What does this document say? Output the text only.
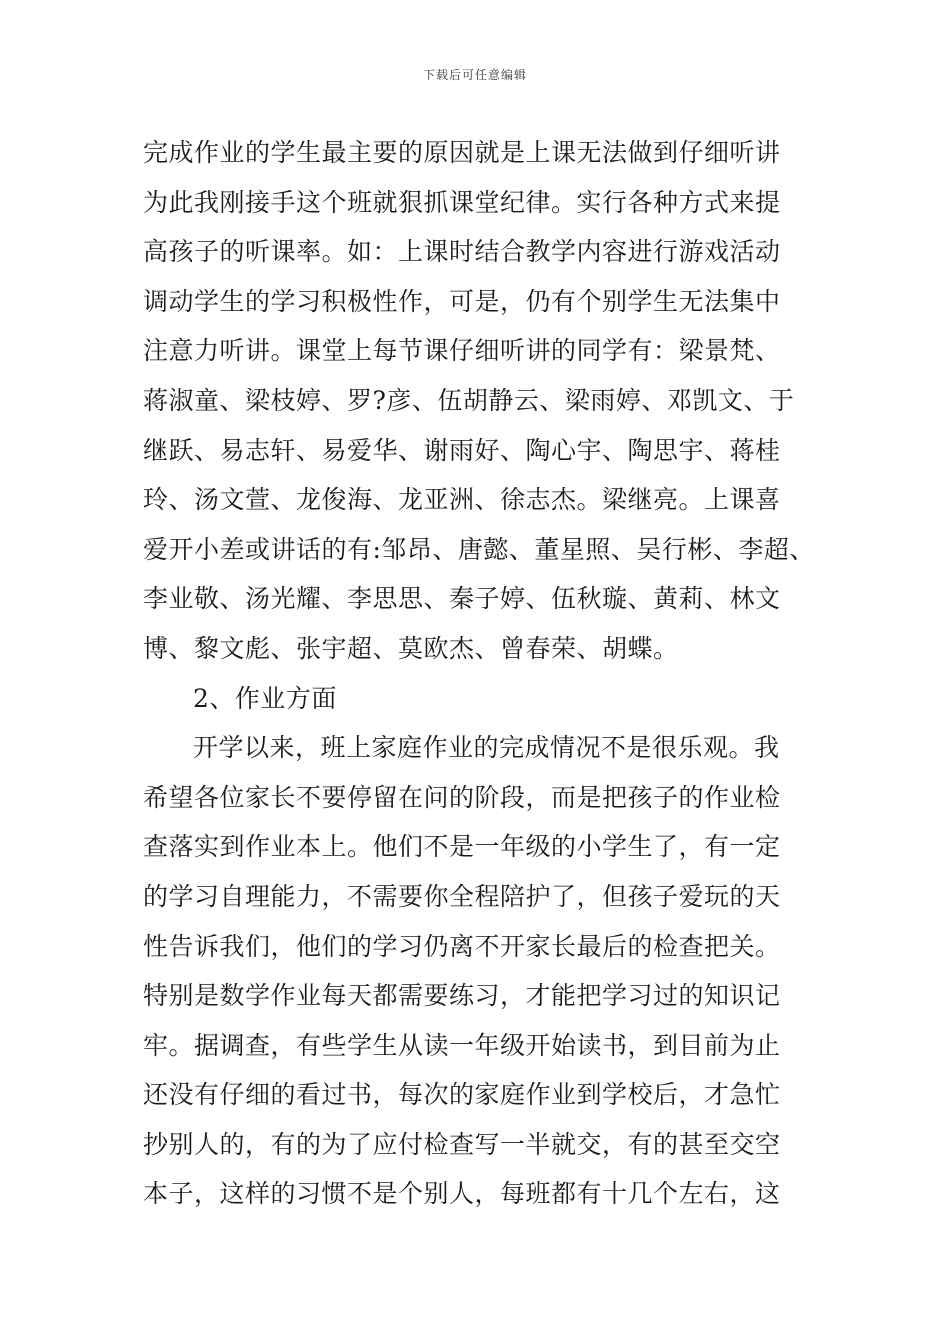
下载后可任意编辑
完成作业的学生最主要的原因就是上课无法做到仔细听讲
为此我刚接手这个班就狠抓课堂纪律。实行各种方式来提
高孩子的听课率。如：上课时结合教学内容进行游戏活动
调动学生的学习积极性作，可是，仍有个别学生无法集中
注意力听讲。课堂上每节课仔细听讲的同学有：梁景梵、
蒋淑童、梁枝婷、罗?彦、伍胡静云、梁雨婷、邓凯文、于
继跃、易志轩、易爱华、谢雨好、陶心宇、陶思宇、蒋桂
玲、汤文萱、龙俊海、龙亚洲、徐志杰。梁继亮。上课喜
爱开小差或讲话的有:邹昂、唐懿、董星照、吴行彬、李超、
李业敬、汤光耀、李思思、秦子婷、伍秋璇、黄莉、林文
博、黎文彪、张宇超、莫欧杰、曾春荣、胡蝶。
2、作业方面
开学以来，班上家庭作业的完成情况不是很乐观。我
希望各位家长不要停留在问的阶段，而是把孩子的作业检
查落实到作业本上。他们不是一年级的小学生了，有一定
的学习自理能力，不需要你全程陪护了，但孩子爱玩的天
性告诉我们，他们的学习仍离不开家长最后的检查把关。
特别是数学作业每天都需要练习，才能把学习过的知识记
牢。据调查，有些学生从读一年级开始读书，到目前为止
还没有仔细的看过书，每次的家庭作业到学校后，才急忙
抄别人的，有的为了应付检查写一半就交，有的甚至交空
本子，这样的习惯不是个别人，每班都有十几个左右，这
